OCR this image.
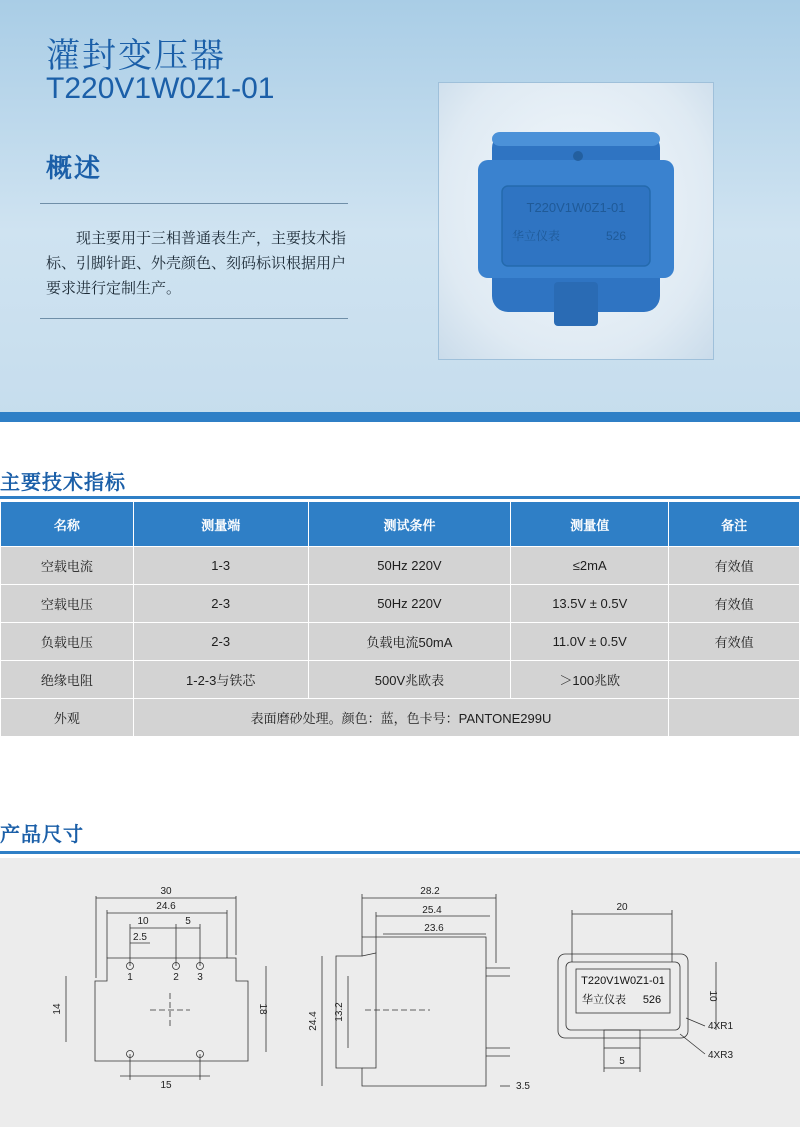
灌封变压器
T220V1W0Z1-01
概述
现主要用于三相普通表生产，主要技术指标、引脚针距、外壳颜色、刻码标识根据用户要求进行定制生产。
T220V1W0Z1-01
华立仪表	526
主要技术指标
名称	测量端	测试条件	测量值	备注
空载电流	1-3	50Hz 220V	≤2mA	有效值
空载电压	2-3	50Hz 220V	13.5V ± 0.5V	有效值
负载电压	2-3	负载电流50mA	11.0V ± 0.5V	有效值
绝缘电阻	1-2-3与铁芯	500V兆欧表	＞100兆欧	
外观	表面磨砂处理。颜色：蓝，色卡号：PANTONE299U			
产品尺寸
30
24.6
10	5
2.5
1	2 3
14	18
15
28.2
25.4
23.6
24.4 13.2
3.5
20
10
5
4XR1
4XR3
T220V1W0Z1-01
华立仪表 526
